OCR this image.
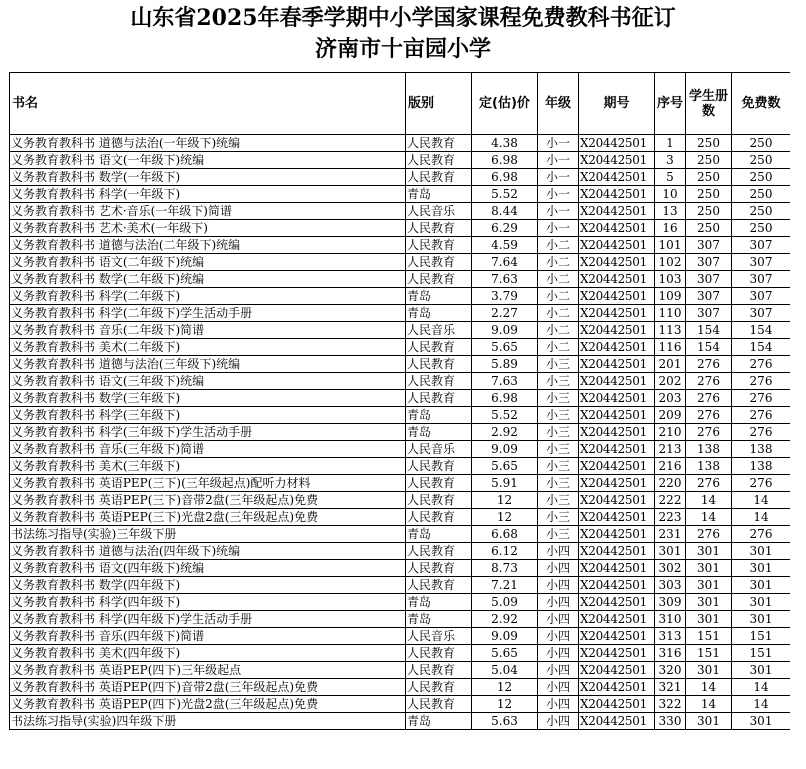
山东省2025年春季学期中小学国家课程免费教科书征订
济南市十亩园小学
书名	版别	定(估)价	年级	期号	序号	学生册数	免费数
义务教育教科书 道德与法治(一年级下)统编	人民教育	4.38	小一	X20442501	1	250	250
义务教育教科书 语文(一年级下)统编	人民教育	6.98	小一	X20442501	3	250	250
义务教育教科书 数学(一年级下)	人民教育	6.98	小一	X20442501	5	250	250
义务教育教科书 科学(一年级下)	青岛	5.52	小一	X20442501	10	250	250
义务教育教科书 艺术·音乐(一年级下)简谱	人民音乐	8.44	小一	X20442501	13	250	250
义务教育教科书 艺术·美术(一年级下)	人民教育	6.29	小一	X20442501	16	250	250
义务教育教科书 道德与法治(二年级下)统编	人民教育	4.59	小二	X20442501	101	307	307
义务教育教科书 语文(二年级下)统编	人民教育	7.64	小二	X20442501	102	307	307
义务教育教科书 数学(二年级下)统编	人民教育	7.63	小二	X20442501	103	307	307
义务教育教科书 科学(二年级下)	青岛	3.79	小二	X20442501	109	307	307
义务教育教科书 科学(二年级下)学生活动手册	青岛	2.27	小二	X20442501	110	307	307
义务教育教科书 音乐(二年级下)简谱	人民音乐	9.09	小二	X20442501	113	154	154
义务教育教科书 美术(二年级下)	人民教育	5.65	小二	X20442501	116	154	154
义务教育教科书 道德与法治(三年级下)统编	人民教育	5.89	小三	X20442501	201	276	276
义务教育教科书 语文(三年级下)统编	人民教育	7.63	小三	X20442501	202	276	276
义务教育教科书 数学(三年级下)	人民教育	6.98	小三	X20442501	203	276	276
义务教育教科书 科学(三年级下)	青岛	5.52	小三	X20442501	209	276	276
义务教育教科书 科学(三年级下)学生活动手册	青岛	2.92	小三	X20442501	210	276	276
义务教育教科书 音乐(三年级下)简谱	人民音乐	9.09	小三	X20442501	213	138	138
义务教育教科书 美术(三年级下)	人民教育	5.65	小三	X20442501	216	138	138
义务教育教科书 英语PEP(三下)(三年级起点)配听力材料	人民教育	5.91	小三	X20442501	220	276	276
义务教育教科书 英语PEP(三下)音带2盘(三年级起点)免费	人民教育	12	小三	X20442501	222	14	14
义务教育教科书 英语PEP(三下)光盘2盘(三年级起点)免费	人民教育	12	小三	X20442501	223	14	14
书法练习指导(实验)三年级下册	青岛	6.68	小三	X20442501	231	276	276
义务教育教科书 道德与法治(四年级下)统编	人民教育	6.12	小四	X20442501	301	301	301
义务教育教科书 语文(四年级下)统编	人民教育	8.73	小四	X20442501	302	301	301
义务教育教科书 数学(四年级下)	人民教育	7.21	小四	X20442501	303	301	301
义务教育教科书 科学(四年级下)	青岛	5.09	小四	X20442501	309	301	301
义务教育教科书 科学(四年级下)学生活动手册	青岛	2.92	小四	X20442501	310	301	301
义务教育教科书 音乐(四年级下)简谱	人民音乐	9.09	小四	X20442501	313	151	151
义务教育教科书 美术(四年级下)	人民教育	5.65	小四	X20442501	316	151	151
义务教育教科书 英语PEP(四下)三年级起点	人民教育	5.04	小四	X20442501	320	301	301
义务教育教科书 英语PEP(四下)音带2盘(三年级起点)免费	人民教育	12	小四	X20442501	321	14	14
义务教育教科书 英语PEP(四下)光盘2盘(三年级起点)免费	人民教育	12	小四	X20442501	322	14	14
书法练习指导(实验)四年级下册	青岛	5.63	小四	X20442501	330	301	301
